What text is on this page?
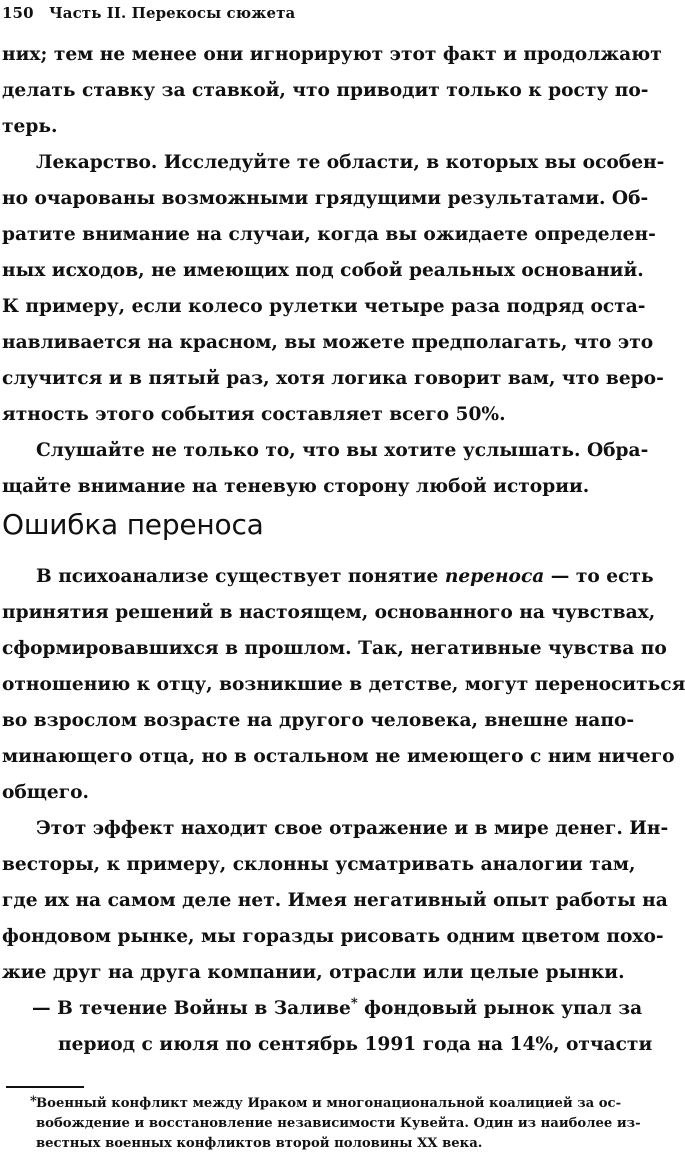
150 Часть II. Перекосы сюжета
них; тем не менее они игнорируют этот факт и продолжают
делать ставку за ставкой, что приводит только к росту по-
терь.
Лекарство. Исследуйте те области, в которых вы особен-
но очарованы возможными грядущими результатами. Об-
ратите внимание на случаи, когда вы ожидаете определен-
ных исходов, не имеющих под собой реальных оснований.
К примеру, если колесо рулетки четыре раза подряд оста-
навливается на красном, вы можете предполагать, что это
случится и в пятый раз, хотя логика говорит вам, что веро-
ятность этого события составляет всего 50%.
Слушайте не только то, что вы хотите услышать. Обра-
щайте внимание на теневую сторону любой истории.
Ошибка переноса
В психоанализе существует понятие переноса — то есть
принятия решений в настоящем, основанного на чувствах,
сформировавшихся в прошлом. Так, негативные чувства по
отношению к отцу, возникшие в детстве, могут переноситься
во взрослом возрасте на другого человека, внешне напо-
минающего отца, но в остальном не имеющего с ним ничего
общего.
Этот эффект находит свое отражение и в мире денег. Ин-
весторы, к примеру, склонны усматривать аналогии там,
где их на самом деле нет. Имея негативный опыт работы на
фондовом рынке, мы горазды рисовать одним цветом похо-
жие друг на друга компании, отрасли или целые рынки.
— В течение Войны в Заливе* фондовый рынок упал за
период с июля по сентябрь 1991 года на 14%, отчасти
* Военный конфликт между Ираком и многонациональной коалицией за ос-
вобождение и восстановление независимости Кувейта. Один из наиболее из-
вестных военных конфликтов второй половины XX века.
